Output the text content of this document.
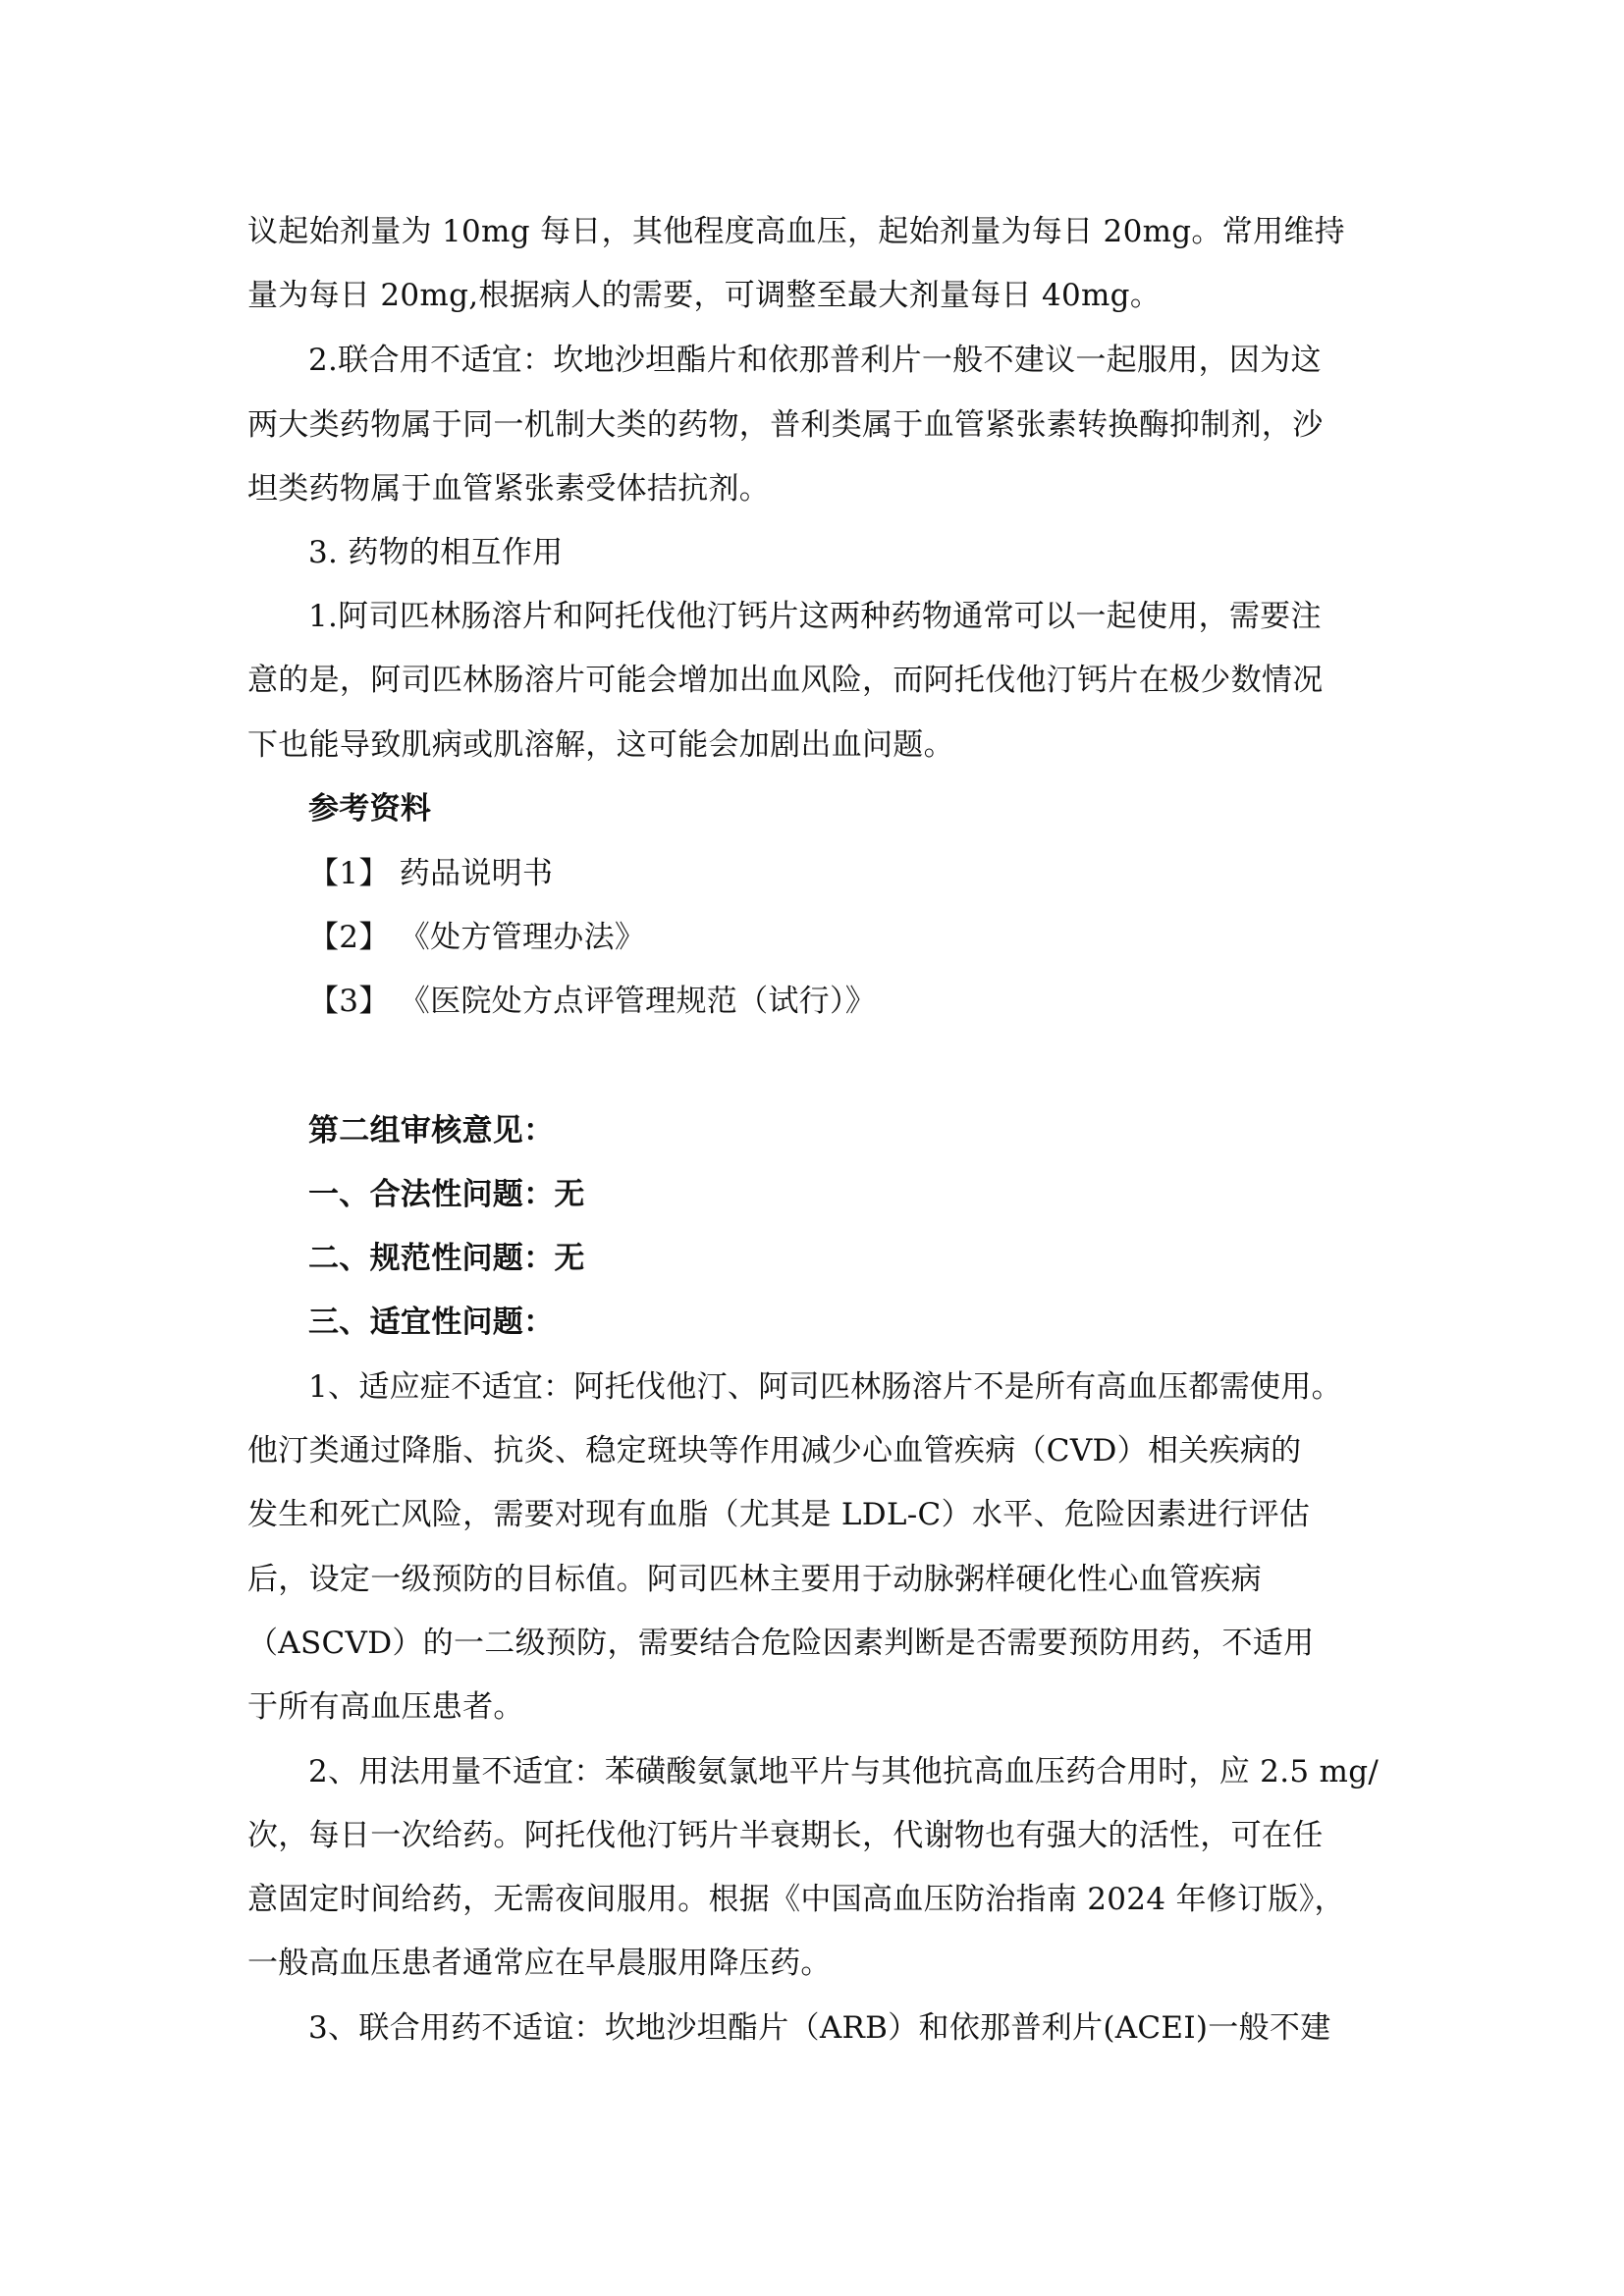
议起始剂量为 10mg 每日，其他程度高血压，起始剂量为每日 20mg。常用维持
量为每日 20mg,根据病人的需要，可调整至最大剂量每日 40mg。
2.联合用不适宜：坎地沙坦酯片和依那普利片一般不建议一起服用，因为这
两大类药物属于同一机制大类的药物，普利类属于血管紧张素转换酶抑制剂，沙
坦类药物属于血管紧张素受体拮抗剂。
3. 药物的相互作用
1.阿司匹林肠溶片和阿托伐他汀钙片这两种药物通常可以一起使用，需要注
意的是，阿司匹林肠溶片可能会增加出血风险，而阿托伐他汀钙片在极少数情况
下也能导致肌病或肌溶解，这可能会加剧出血问题。
参考资料
【1】 药品说明书
【2】 《处方管理办法》
【3】 《医院处方点评管理规范（试行）》
第二组审核意见：
一、合法性问题：无
二、规范性问题：无
三、适宜性问题：
1、适应症不适宜：阿托伐他汀、阿司匹林肠溶片不是所有高血压都需使用。
他汀类通过降脂、抗炎、稳定斑块等作用减少心血管疾病（CVD）相关疾病的
发生和死亡风险，需要对现有血脂（尤其是 LDL-C）水平、危险因素进行评估
后，设定一级预防的目标值。阿司匹林主要用于动脉粥样硬化性心血管疾病
（ASCVD）的一二级预防，需要结合危险因素判断是否需要预防用药，不适用
于所有高血压患者。
2、用法用量不适宜：苯磺酸氨氯地平片与其他抗高血压药合用时，应 2.5 mg/
次，每日一次给药。阿托伐他汀钙片半衰期长，代谢物也有强大的活性，可在任
意固定时间给药，无需夜间服用。根据《中国高血压防治指南 2024 年修订版》，
一般高血压患者通常应在早晨服用降压药。
3、联合用药不适谊：坎地沙坦酯片（ARB）和依那普利片(ACEI)一般不建
